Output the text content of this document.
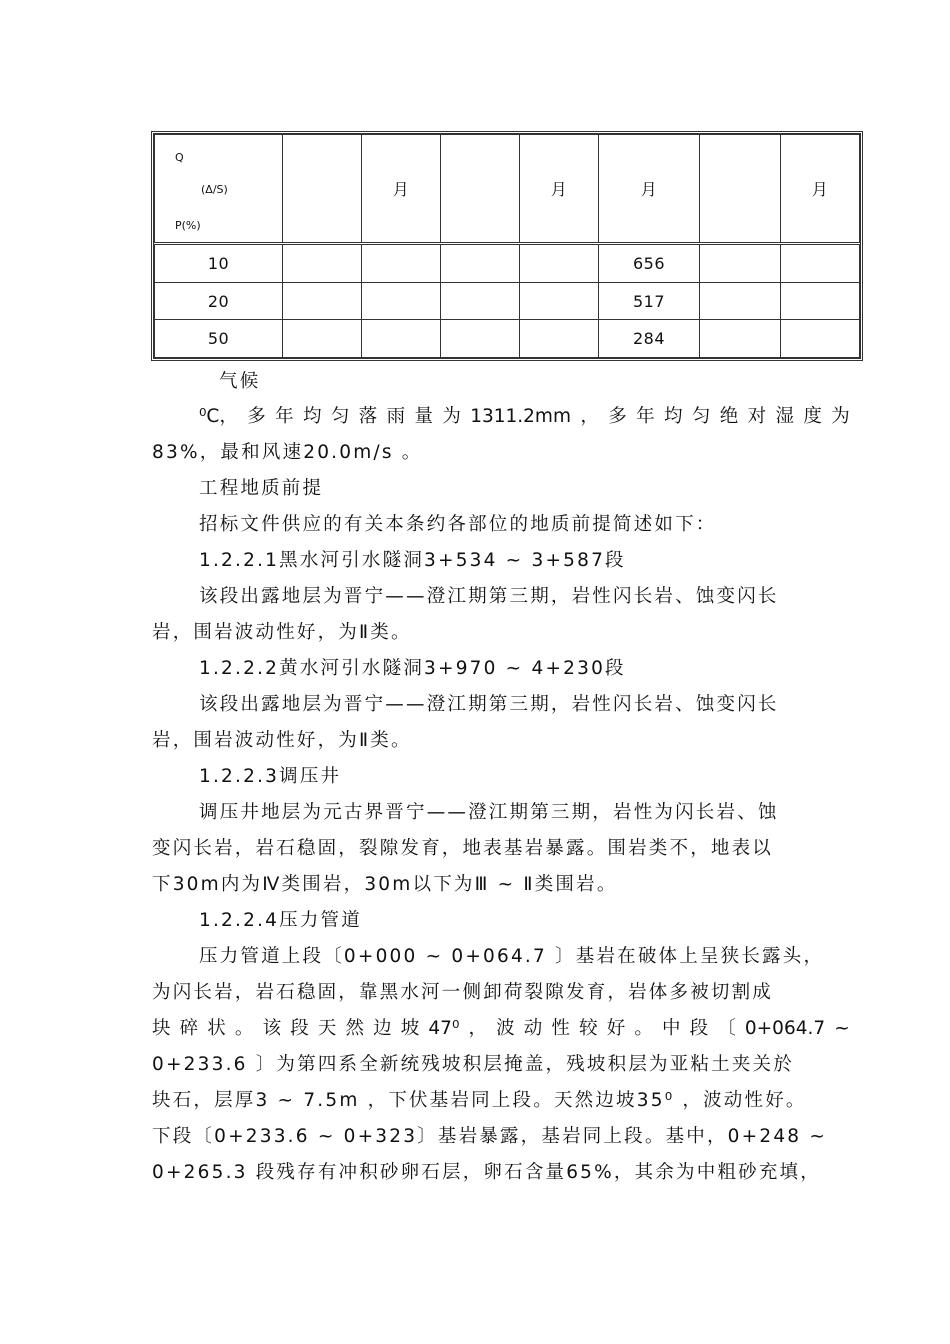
Q
(Δ/S)
P(%)		月		月	月		月
10					656		
20					517		
50					284		
气候
⁰C， 多 年 均 匀 落 雨 量 为 1311.2mm ， 多 年 均 匀 绝 对 湿 度 为
83%，最和风速20.0m/s 。
工程地质前提
招标文件供应的有关本条约各部位的地质前提简述如下：
1.2.2.1黑水河引水隧洞3+534 ~ 3+587段
该段出露地层为晋宁——澄江期第三期，岩性闪长岩、蚀变闪长
岩，围岩波动性好，为Ⅱ类。
1.2.2.2黄水河引水隧洞3+970 ~ 4+230段
该段出露地层为晋宁——澄江期第三期，岩性闪长岩、蚀变闪长
岩，围岩波动性好，为Ⅱ类。
1.2.2.3调压井
调压井地层为元古界晋宁——澄江期第三期，岩性为闪长岩、蚀
变闪长岩，岩石稳固，裂隙发育，地表基岩暴露。围岩类不，地表以
下30m内为Ⅳ类围岩，30m以下为Ⅲ ~ Ⅱ类围岩。
1.2.2.4压力管道
压力管道上段〔0+000 ~ 0+064.7 〕基岩在破体上呈狭长露头，
为闪长岩，岩石稳固，靠黑水河一侧卸荷裂隙发育，岩体多被切割成
块 碎 状 。 该 段 天 然 边 坡 47⁰ ， 波 动 性 较 好 。 中 段 〔 0+064.7 ~
0+233.6 〕为第四系全新统残坡积层掩盖，残坡积层为亚粘土夹关於
块石，层厚3 ~ 7.5m ，下伏基岩同上段。天然边坡35⁰ ，波动性好。
下段〔0+233.6 ~ 0+323〕基岩暴露，基岩同上段。基中，0+248 ~
0+265.3 段残存有冲积砂卵石层，卵石含量65%，其余为中粗砂充填，
